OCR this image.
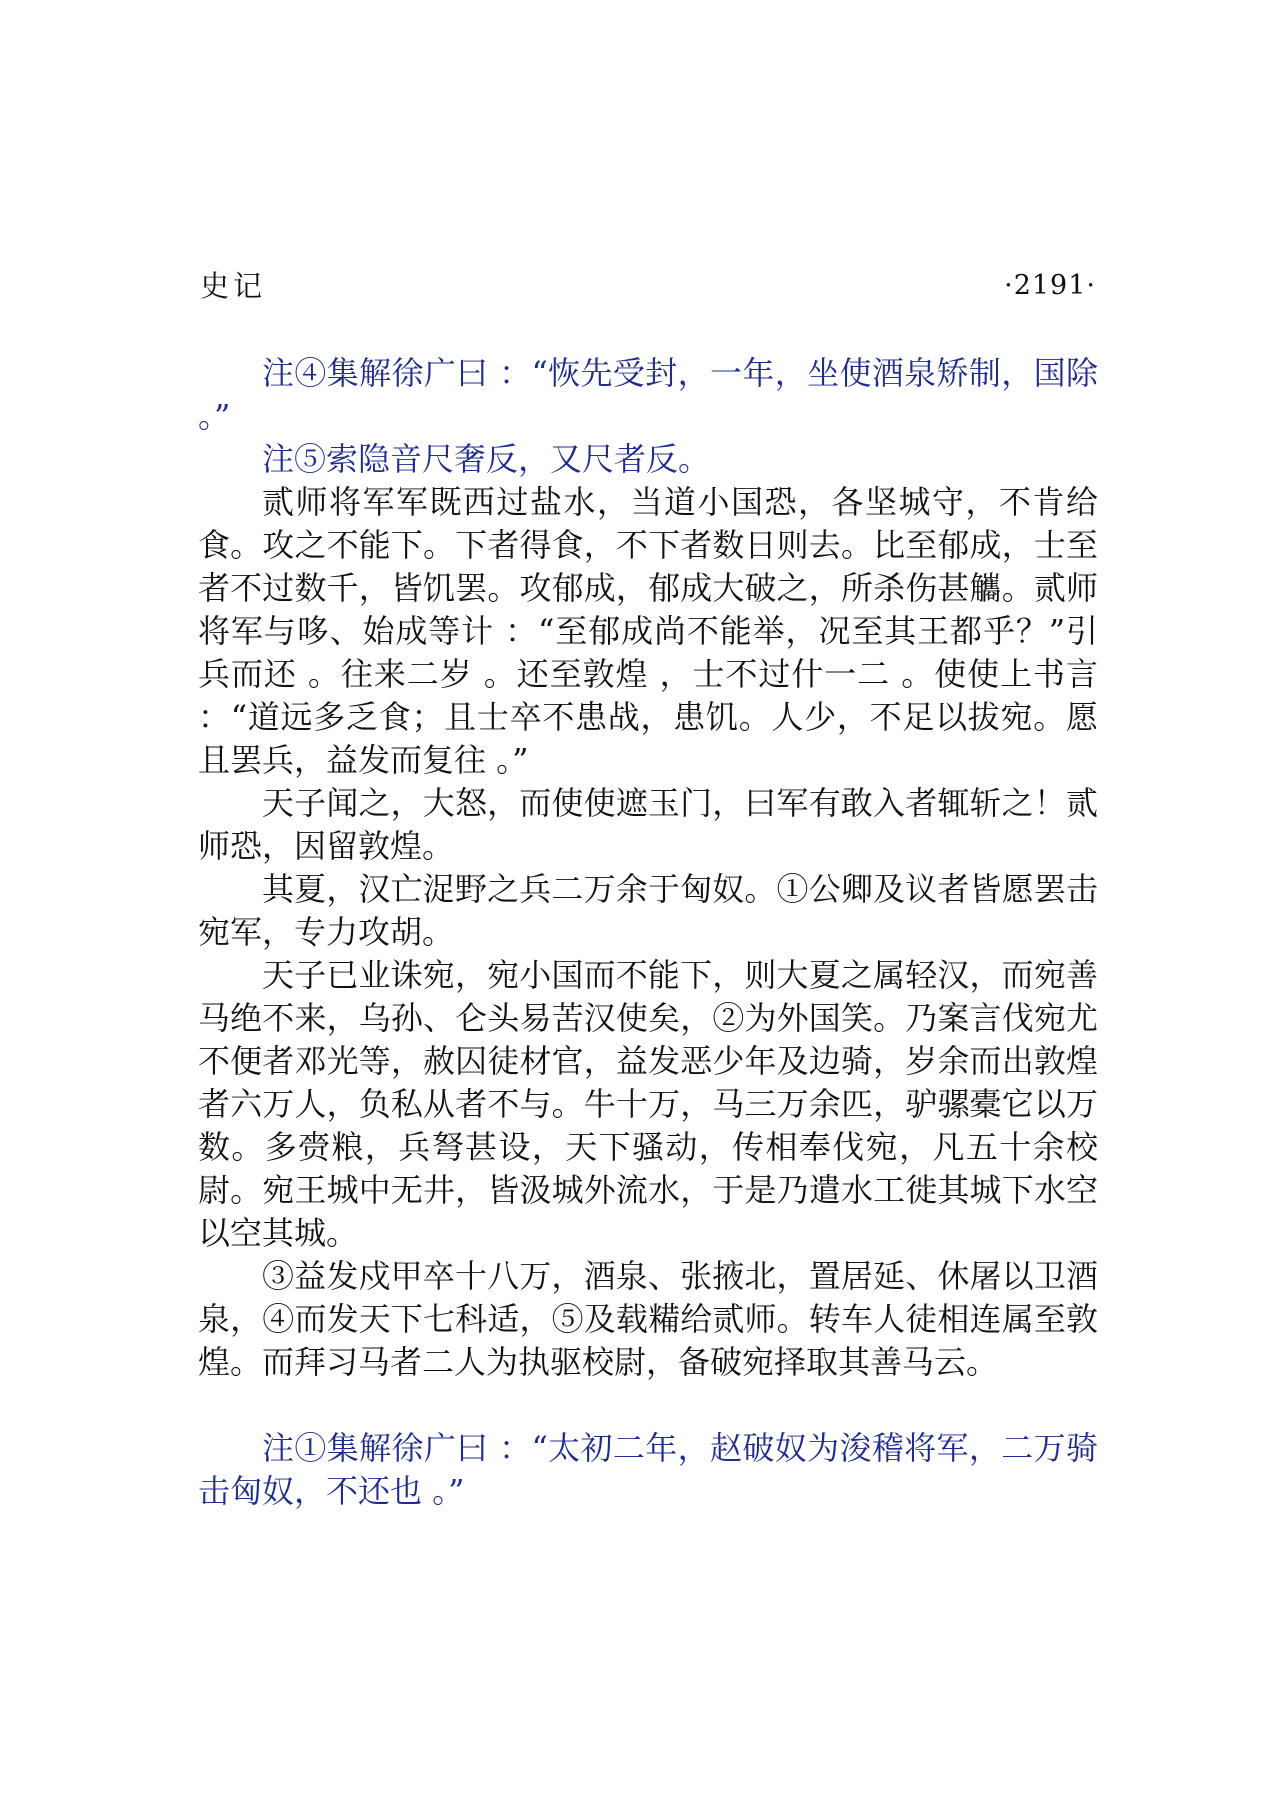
史记	·2191·

注④集解徐广曰 ：“恢先受封，一年，坐使酒泉矫制，国除 。”

注⑤索隐音尺奢反，又尺者反。

贰师将军军既西过盐水，当道小国恐，各坚城守，不肯给食。攻之不能下。下者得食，不下者数日则去。比至郁成，士至者不过数千，皆饥罢。攻郁成，郁成大破之，所杀伤甚觿。贰师将军与哆、始成等计 ：“至郁成尚不能举，况至其王都乎？”引兵而还 。往来二岁 。还至敦煌 ，士不过什一二 。使使上书言 ：“道远多乏食；且士卒不患战，患饥。人少，不足以拔宛。愿且罢兵，益发而复往 。”

天子闻之，大怒，而使使遮玉门，曰军有敢入者辄斩之！贰师恐，因留敦煌。

其夏，汉亡浞野之兵二万余于匈奴。①公卿及议者皆愿罢击宛军，专力攻胡。

天子已业诛宛，宛小国而不能下，则大夏之属轻汉，而宛善马绝不来，乌孙、仑头易苦汉使矣，②为外国笑。乃案言伐宛尤不便者邓光等，赦囚徒材官，益发恶少年及边骑，岁余而出敦煌者六万人，负私从者不与。牛十万，马三万余匹，驴骡橐它以万数。多赍粮，兵弩甚设，天下骚动，传相奉伐宛，凡五十余校尉。宛王城中无井，皆汲城外流水，于是乃遣水工徙其城下水空以空其城。

③益发戍甲卒十八万，酒泉、张掖北，置居延、休屠以卫酒泉，④而发天下七科适，⑤及载糒给贰师。转车人徒相连属至敦煌。而拜习马者二人为执驱校尉，备破宛择取其善马云。

注①集解徐广曰 ：“太初二年，赵破奴为浚稽将军，二万骑击匈奴，不还也 。”
